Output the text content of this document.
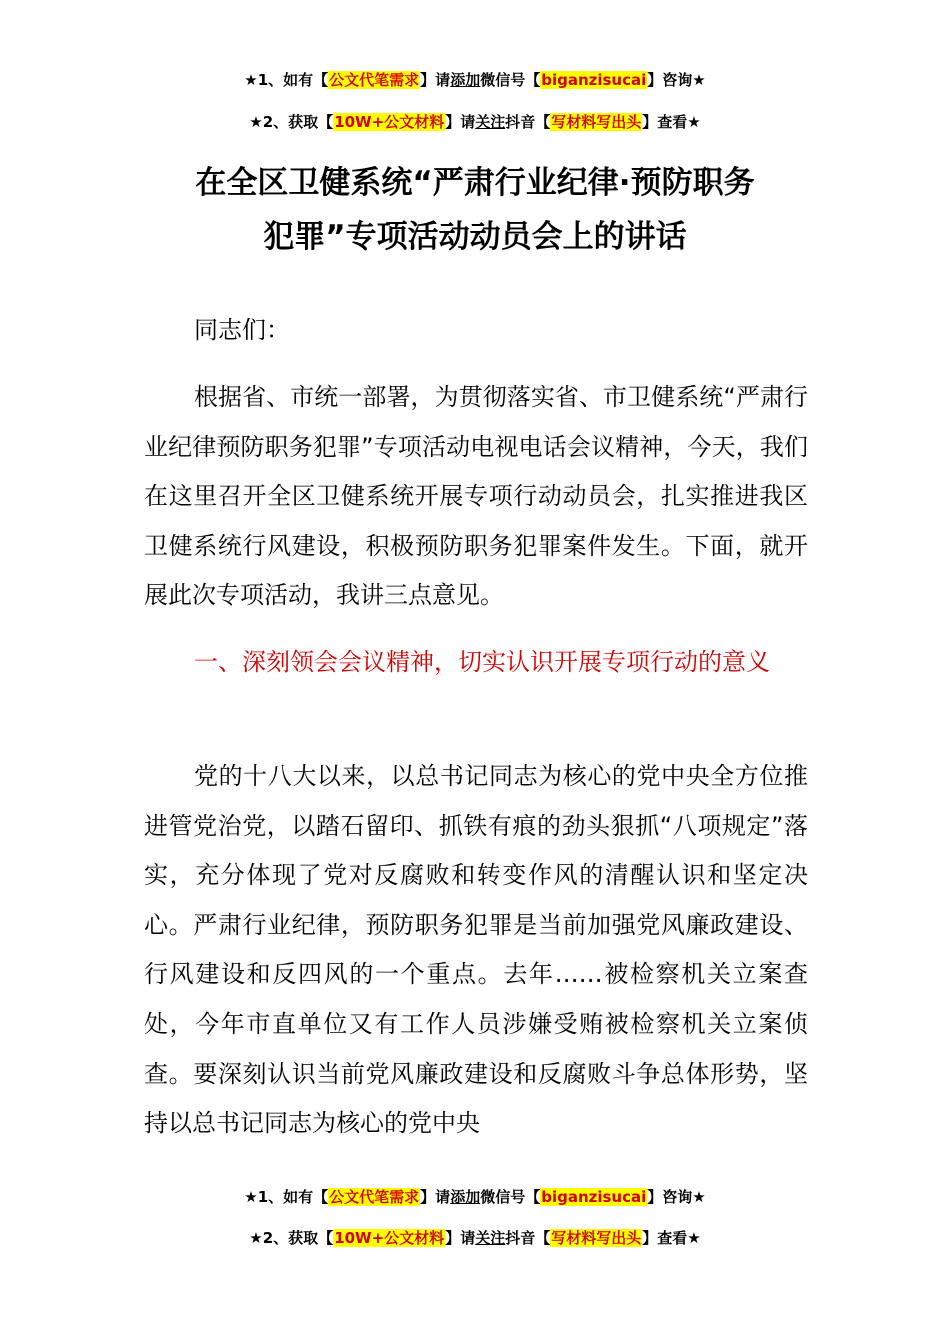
★1、如有【公文代笔需求】请添加微信号【biganzisucai】咨询★
★2、获取【10W+公文材料】请关注抖音【写材料写出头】查看★
在全区卫健系统“严肃行业纪律·预防职务
犯罪”专项活动动员会上的讲话

同志们：

根据省、市统一部署，为贯彻落实省、市卫健系统“严肃行业纪律预防职务犯罪”专项活动电视电话会议精神，今天，我们在这里召开全区卫健系统开展专项行动动员会，扎实推进我区卫健系统行风建设，积极预防职务犯罪案件发生。下面，就开展此次专项活动，我讲三点意见。

一、深刻领会会议精神，切实认识开展专项行动的意义

党的十八大以来，以总书记同志为核心的党中央全方位推进管党治党，以踏石留印、抓铁有痕的劲头狠抓“八项规定”落实，充分体现了党对反腐败和转变作风的清醒认识和坚定决心。严肃行业纪律，预防职务犯罪是当前加强党风廉政建设、行风建设和反四风的一个重点。去年……被检察机关立案查处，今年市直单位又有工作人员涉嫌受贿被检察机关立案侦查。要深刻认识当前党风廉政建设和反腐败斗争总体形势，坚持以总书记同志为核心的党中央

★1、如有【公文代笔需求】请添加微信号【biganzisucai】咨询★
★2、获取【10W+公文材料】请关注抖音【写材料写出头】查看★
